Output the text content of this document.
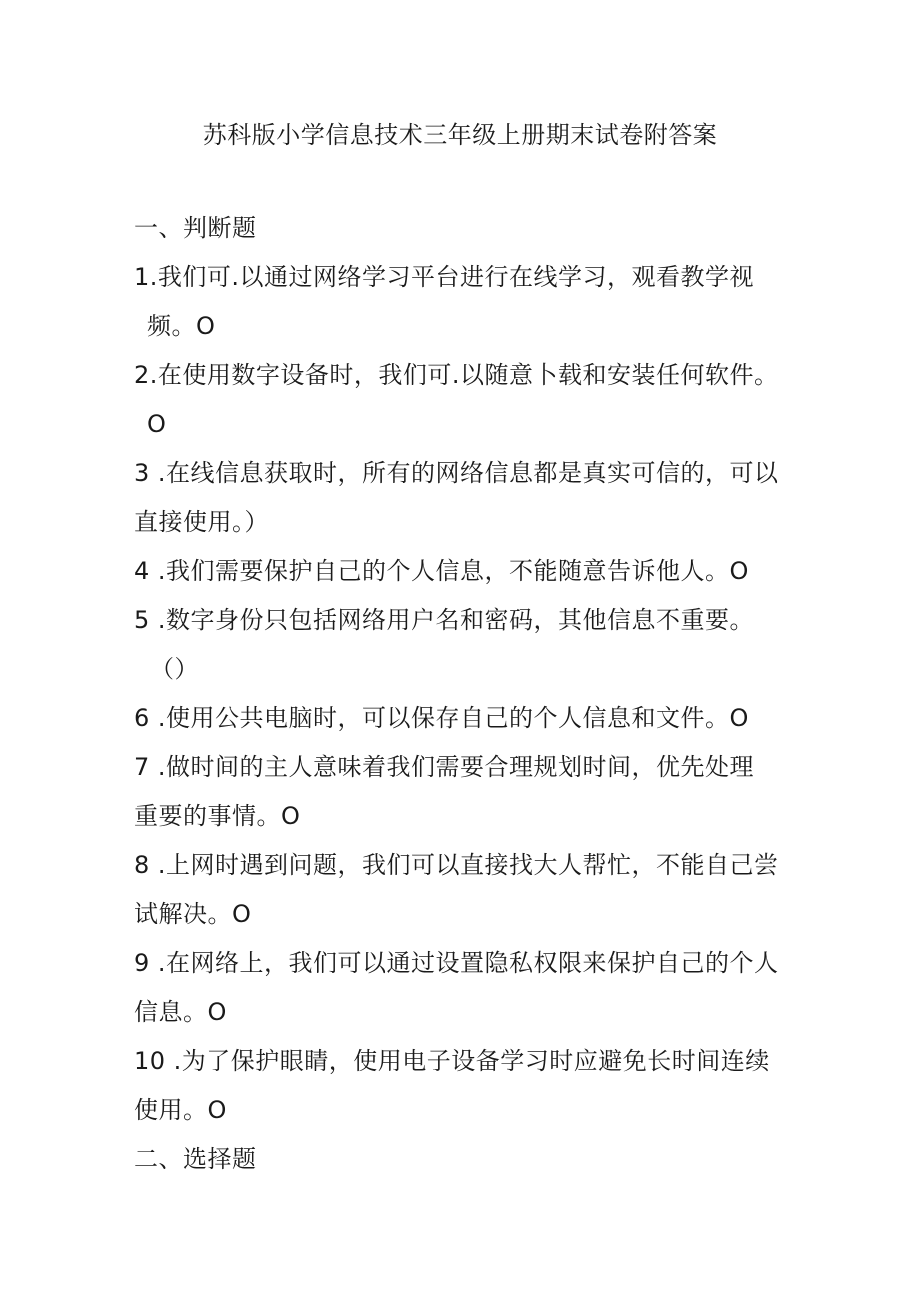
苏科版小学信息技术三年级上册期末试卷附答案
一、判断题
1.我们可.以通过网络学习平台进行在线学习，观看教学视
频。O
2.在使用数字设备时，我们可.以随意卜载和安装任何软件。
O
3 .在线信息获取时，所有的网络信息都是真实可信的，可以
直接使用。）
4 .我们需要保护自己的个人信息，不能随意告诉他人。O
5 .数字身份只包括网络用户名和密码，其他信息不重要。
（）
6 .使用公共电脑时，可以保存自己的个人信息和文件。O
7 .做时间的主人意味着我们需要合理规划时间，优先处理
重要的事情。O
8 .上网时遇到问题，我们可以直接找大人帮忙，不能自己尝
试解决。O
9 .在网络上，我们可以通过设置隐私权限来保护自己的个人
信息。O
10 .为了保护眼睛，使用电子设备学习时应避免长时间连续
使用。O
二、选择题
